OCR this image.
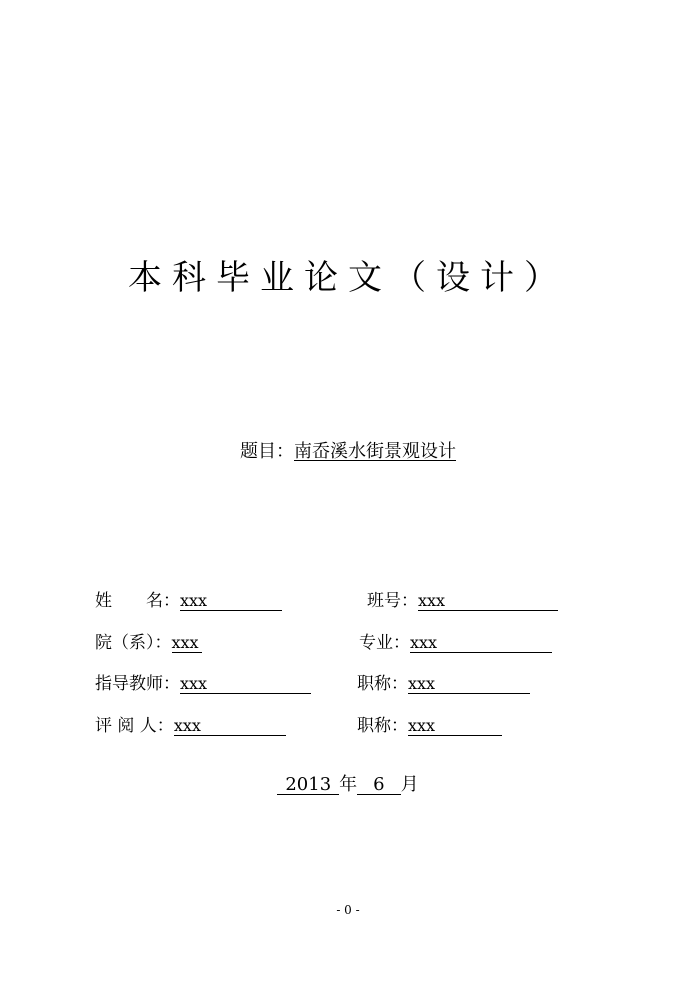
本科毕业论文（设计）
题目：南岙溪水街景观设计
姓　　名： xxx	班号： xxx
院（系）： xxx	专业： xxx
指导教师： xxx	职称： xxx
评 阅 人： xxx	职称： xxx
2013 年 6 月
- 0 -
